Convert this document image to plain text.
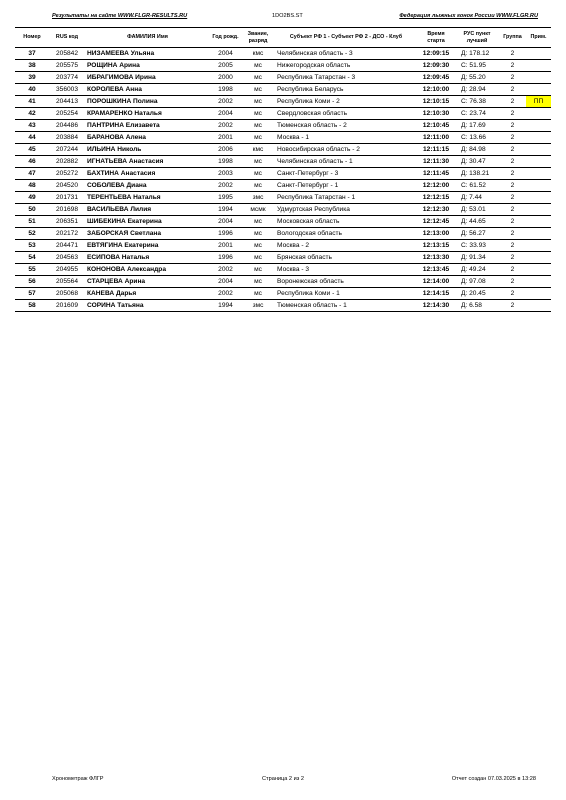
Результаты на сайте WWW.FLGR-RESULTS.RU	1DO2BS.ST	Федерация лыжных гонок России WWW.FLGR.RU
Номер	RUS код	ФАМИЛИЯ Имя	Год рожд.	Звание, разряд	Субъект РФ 1 - Субъект РФ 2 - ДСО - Клуб	Время старта	РУС пункт лучший	Группа	Прим.
37	205842	НИЗАМЕЕВА Ульяна	2004	кмс	Челябинская область - 3	12:09:15	Д: 178.12	2	
38	205575	РОЩИНА Арина	2005	мс	Нижегородская область	12:09:30	С: 51.95	2	
39	203774	ИБРАГИМОВА Ирина	2000	мс	Республика Татарстан - 3	12:09:45	Д: 55.20	2	
40	356003	КОРОЛЕВА Анна	1998	мс	Республика Беларусь	12:10:00	Д: 28.94	2	
41	204413	ПОРОШКИНА Полина	2002	мс	Республика Коми - 2	12:10:15	С: 76.38	2	ПП
42	205254	КРАМАРЕНКО Наталья	2004	мс	Свердловская область	12:10:30	С: 23.74	2	
43	204486	ПАНТРИНА Елизавета	2002	мс	Тюменская область - 2	12:10:45	Д: 17.69	2	
44	203884	БАРАНОВА Алена	2001	мс	Москва - 1	12:11:00	С: 13.66	2	
45	207244	ИЛЬИНА Николь	2006	кмс	Новосибирская область - 2	12:11:15	Д: 84.98	2	
46	202882	ИГНАТЬЕВА Анастасия	1998	мс	Челябинская область - 1	12:11:30	Д: 30.47	2	
47	205272	БАХТИНА Анастасия	2003	мс	Санкт-Петербург - 3	12:11:45	Д: 138.21	2	
48	204520	СОБОЛЕВА Диана	2002	мс	Санкт-Петербург - 1	12:12:00	С: 61.52	2	
49	201731	ТЕРЕНТЬЕВА Наталья	1995	змс	Республика Татарстан - 1	12:12:15	Д: 7.44	2	
50	201698	ВАСИЛЬЕВА Лилия	1994	мсмк	Удмуртская Республика	12:12:30	Д: 53.01	2	
51	206351	ШИБЕКИНА Екатерина	2004	мс	Московская область	12:12:45	Д: 44.65	2	
52	202172	ЗАБОРСКАЯ Светлана	1996	мс	Вологодская область	12:13:00	Д: 56.27	2	
53	204471	ЕВТЯГИНА Екатерина	2001	мс	Москва - 2	12:13:15	С: 33.93	2	
54	204563	ЕСИПОВА Наталья	1996	мс	Брянская область	12:13:30	Д: 91.34	2	
55	204955	КОНОНОВА Александра	2002	мс	Москва - 3	12:13:45	Д: 49.24	2	
56	205564	СТАРЦЕВА Арина	2004	мс	Воронежская область	12:14:00	Д: 97.08	2	
57	205068	КАНЕВА Дарья	2002	мс	Республика Коми - 1	12:14:15	Д: 20.45	2	
58	201609	СОРИНА Татьяна	1994	змс	Тюменская область - 1	12:14:30	Д: 6.58	2	
Хронометраж ФЛГР	Страница 2 из 2	Отчет создан 07.03.2025 в 13:28
